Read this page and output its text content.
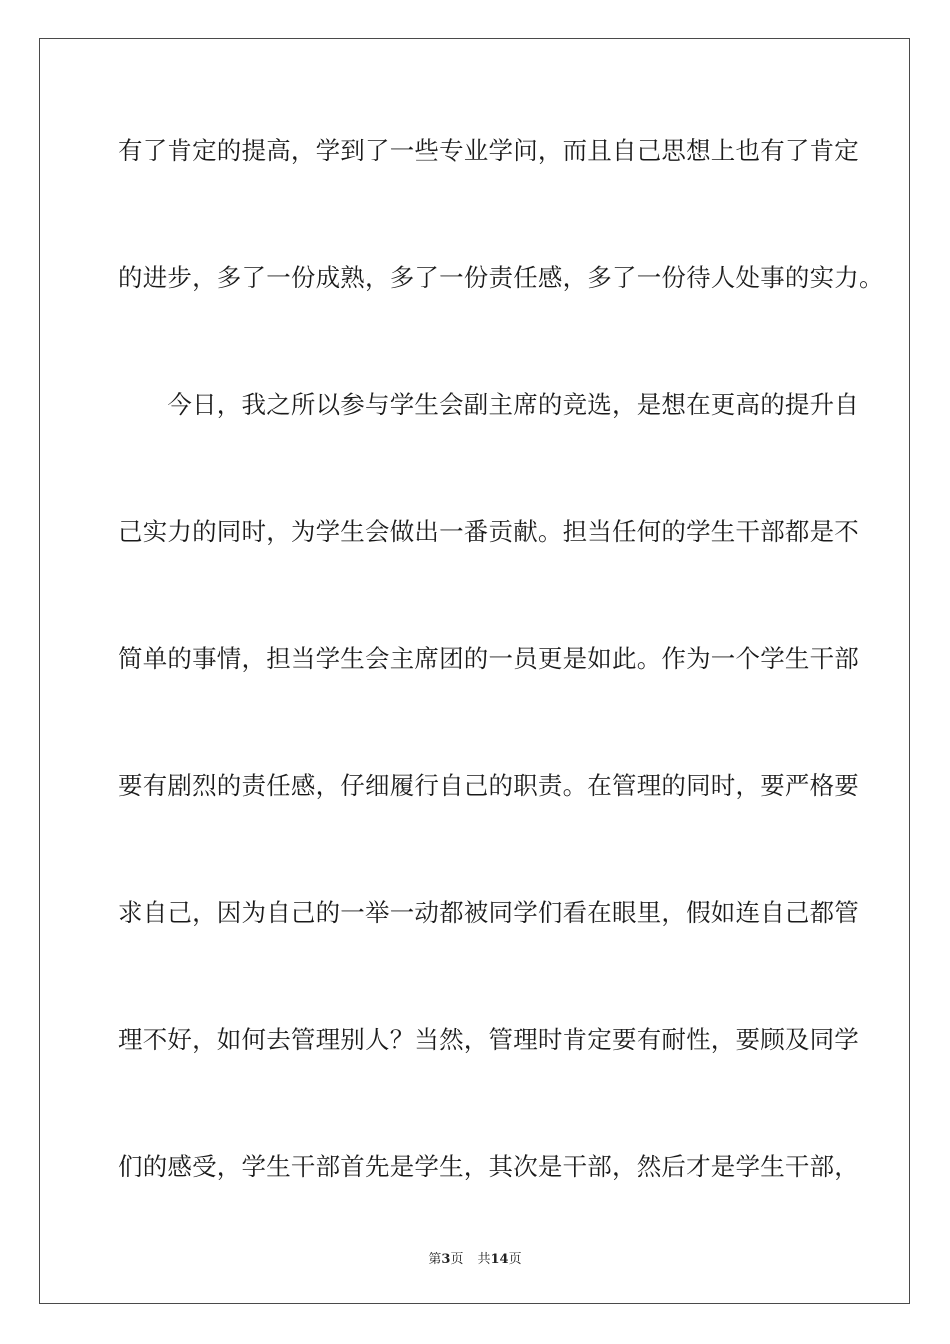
有了肯定的提高，学到了一些专业学问，而且自己思想上也有了肯定
的进步，多了一份成熟，多了一份责任感，多了一份待人处事的实力。
　　今日，我之所以参与学生会副主席的竞选，是想在更高的提升自
己实力的同时，为学生会做出一番贡献。担当任何的学生干部都是不
简单的事情，担当学生会主席团的一员更是如此。作为一个学生干部
要有剧烈的责任感，仔细履行自己的职责。在管理的同时，要严格要
求自己，因为自己的一举一动都被同学们看在眼里，假如连自己都管
理不好，如何去管理别人？当然，管理时肯定要有耐性，要顾及同学
们的感受，学生干部首先是学生，其次是干部，然后才是学生干部，
第3页 共14页
